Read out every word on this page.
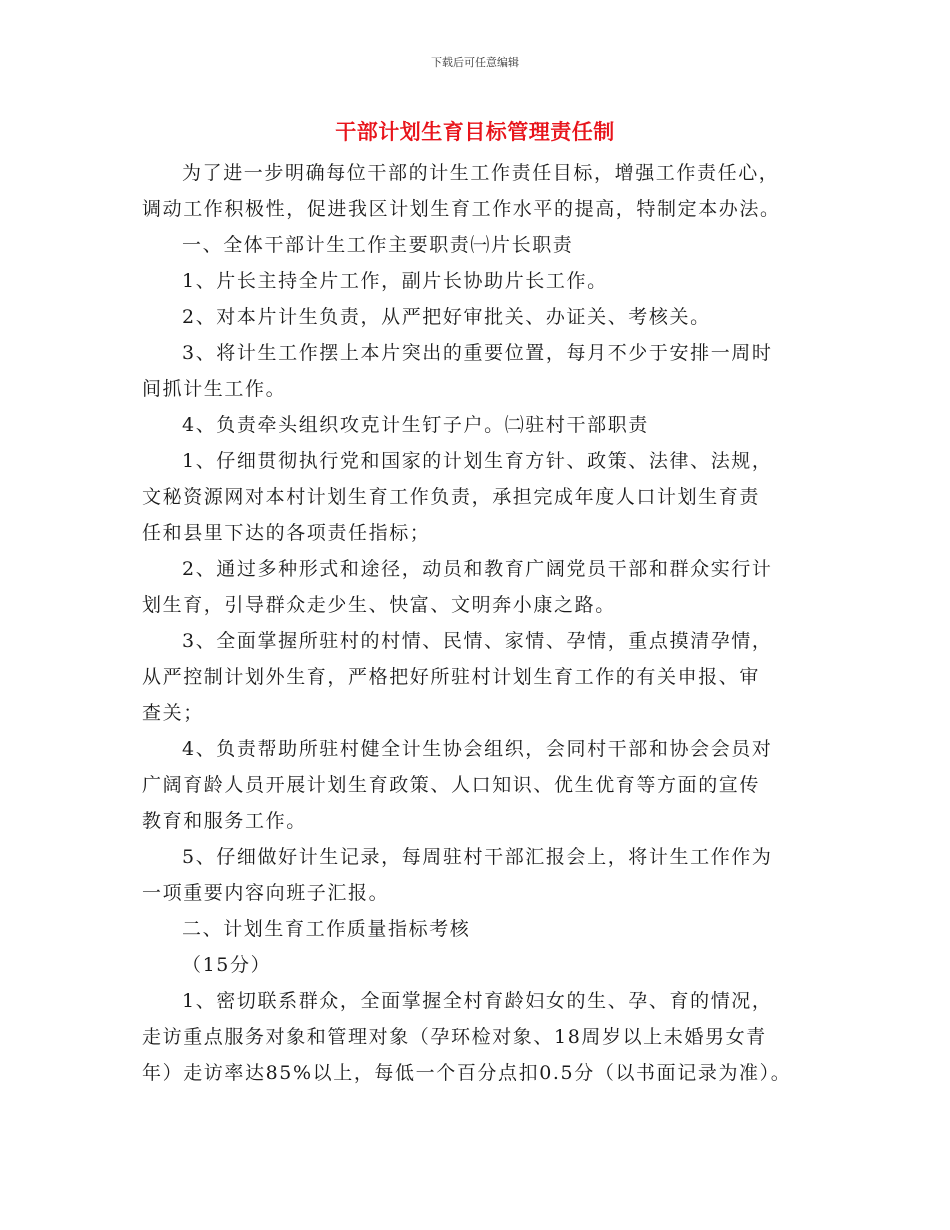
下载后可任意编辑
干部计划生育目标管理责任制

为了进一步明确每位干部的计生工作责任目标，增强工作责任心，
调动工作积极性，促进我区计划生育工作水平的提高，特制定本办法。

一、全体干部计生工作主要职责㈠片长职责

1、片长主持全片工作，副片长协助片长工作。

2、对本片计生负责，从严把好审批关、办证关、考核关。

3、将计生工作摆上本片突出的重要位置，每月不少于安排一周时
间抓计生工作。

4、负责牵头组织攻克计生钉子户。㈡驻村干部职责

1、仔细贯彻执行党和国家的计划生育方针、政策、法律、法规，
文秘资源网对本村计划生育工作负责，承担完成年度人口计划生育责
任和县里下达的各项责任指标；

2、通过多种形式和途径，动员和教育广阔党员干部和群众实行计
划生育，引导群众走少生、快富、文明奔小康之路。

3、全面掌握所驻村的村情、民情、家情、孕情，重点摸清孕情，
从严控制计划外生育，严格把好所驻村计划生育工作的有关申报、审
查关；

4、负责帮助所驻村健全计生协会组织，会同村干部和协会会员对
广阔育龄人员开展计划生育政策、人口知识、优生优育等方面的宣传
教育和服务工作。

5、仔细做好计生记录，每周驻村干部汇报会上，将计生工作作为
一项重要内容向班子汇报。

二、计划生育工作质量指标考核

（15分）

1、密切联系群众，全面掌握全村育龄妇女的生、孕、育的情况，
走访重点服务对象和管理对象（孕环检对象、18周岁以上未婚男女青
年）走访率达85%以上，每低一个百分点扣0.5分（以书面记录为准）。
